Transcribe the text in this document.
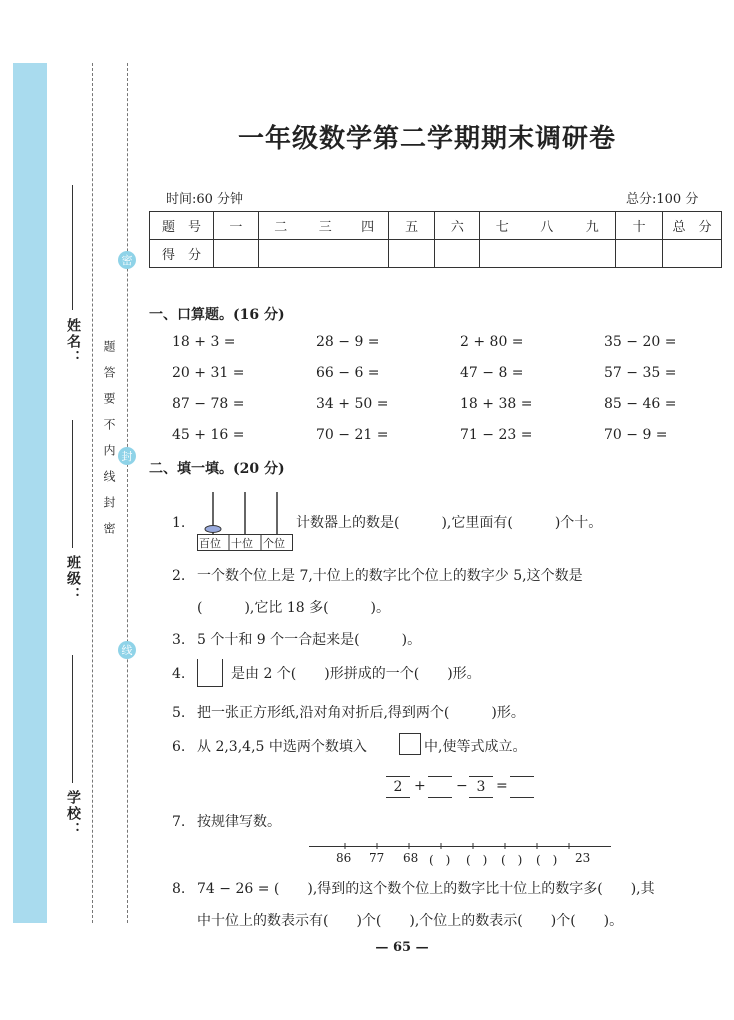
姓名：
班级：
学校：
题答要不内线封密
密
封
线
一年级数学第二学期期末调研卷
时间:60 分钟	总分:100 分
题　号	一	二	三	四	五	六	七	八	九	十	总　分
得　分											
一、口算题。(16 分)
18 + 3 =	28 − 9 =	2 + 80 =	35 − 20 =
20 + 31 =	66 − 6 =	47 − 8 =	57 − 35 =
87 − 78 =	34 + 50 =	18 + 38 =	85 − 46 =
45 + 16 =	70 − 21 =	71 − 23 =	70 − 9 =
二、填一填。(20 分)
1.
百位 十位 个位
计数器上的数是(　　　),它里面有(　　　)个十。
2. 一个数个位上是 7,十位上的数字比个位上的数字少 5,这个数是
(　　　),它比 18 多(　　　)。
3. 5 个十和 9 个一合起来是(　　　)。
4.	是由 2 个(　　)形拼成的一个(　　)形。
5. 把一张正方形纸,沿对角对折后,得到两个(　　　)形。
6. 从 2,3,4,5 中选两个数填入	中,使等式成立。
2 + − 3 =
7. 按规律写数。
86 77 68 (　) (　) (　) (　) 23
8. 74 − 26 = (　　),得到的这个数个位上的数字比十位上的数字多(　　),其
中十位上的数表示有(　　)个(　　),个位上的数表示(　　)个(　　)。
— 65 —
